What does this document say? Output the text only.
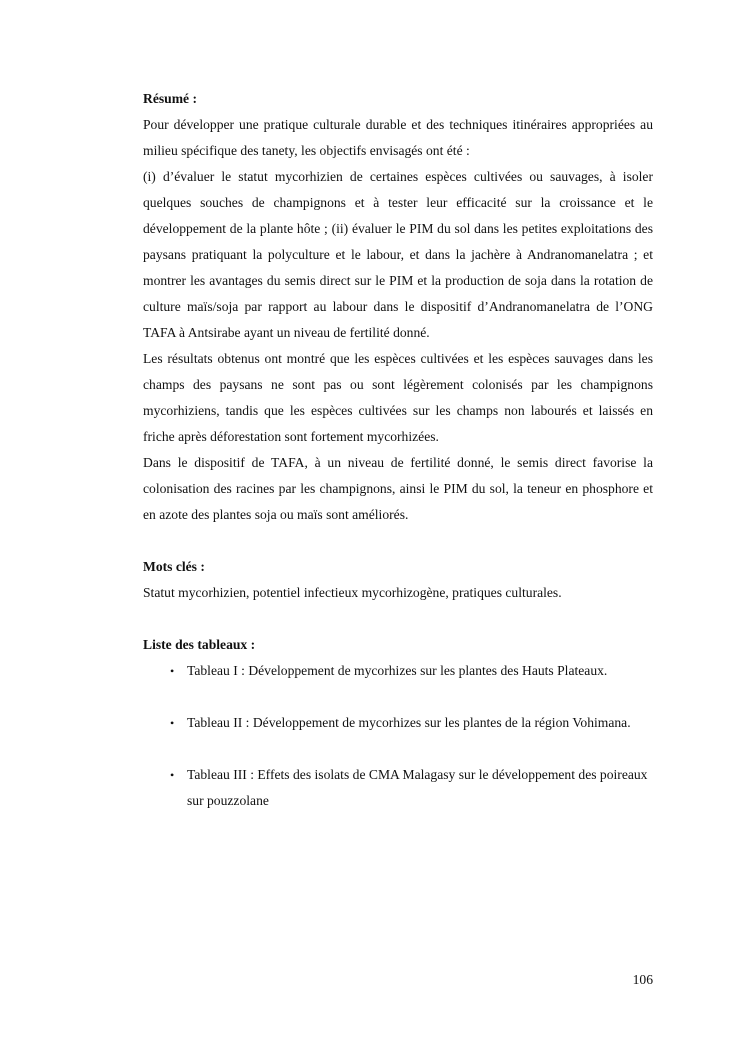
Résumé :

Pour développer une pratique culturale durable et des techniques itinéraires appropriées au milieu spécifique des tanety, les objectifs envisagés ont été :

(i) d’évaluer le statut mycorhizien de certaines espèces cultivées ou sauvages, à isoler quelques souches de champignons et à tester leur efficacité sur la croissance et le développement de la plante hôte ; (ii) évaluer le PIM du sol dans les petites exploitations des paysans pratiquant la polyculture et le labour, et dans la jachère à Andranomanelatra ; et montrer les avantages du semis direct sur le PIM et la production de soja dans la rotation de culture maïs/soja par rapport au labour dans le dispositif d’Andranomanelatra de l’ONG TAFA à Antsirabe ayant un niveau de fertilité donné.

Les résultats obtenus ont montré que les espèces cultivées et les espèces sauvages dans les champs des paysans ne sont pas ou sont légèrement colonisés par les champignons mycorhiziens, tandis que les espèces cultivées sur les champs non labourés et laissés en friche après déforestation sont fortement mycorhizées.

Dans le dispositif de TAFA, à un niveau de fertilité donné, le semis direct favorise la colonisation des racines par les champignons, ainsi le PIM du sol, la teneur en phosphore et en azote des plantes soja ou maïs sont améliorés.

Mots clés :

Statut mycorhizien, potentiel infectieux mycorhizogène, pratiques culturales.

Liste des tableaux :

• Tableau I : Développement de mycorhizes sur les plantes des Hauts Plateaux.
• Tableau II : Développement de mycorhizes sur les plantes de la région Vohimana.
• Tableau III : Effets des isolats de CMA Malagasy sur le développement des poireaux sur pouzzolane
106
